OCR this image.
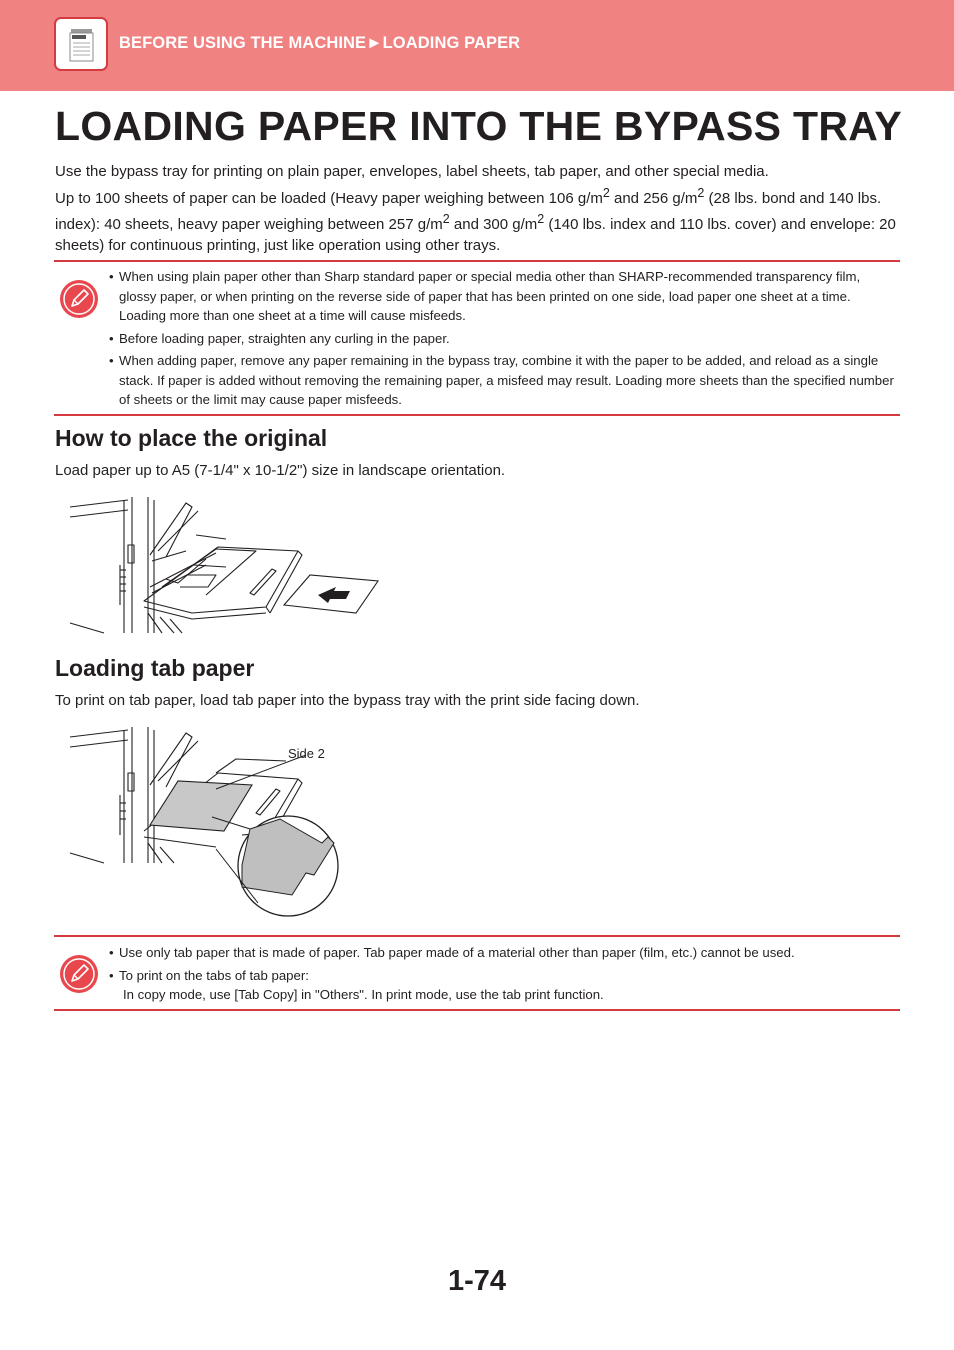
BEFORE USING THE MACHINE►LOADING PAPER
LOADING PAPER INTO THE BYPASS TRAY

Use the bypass tray for printing on plain paper, envelopes, label sheets, tab paper, and other special media.

Up to 100 sheets of paper can be loaded (Heavy paper weighing between 106 $g/m^2$ and 256 $g/m^2$ (28 lbs. bond and 140 lbs. index): 40 sheets, heavy paper weighing between 257 $g/m^2$ and 300 $g/m^2$ (140 lbs. index and 110 lbs. cover) and envelope: 20 sheets) for continuous printing, just like operation using other trays.

• When using plain paper other than Sharp standard paper or special media other than SHARP-recommended transparency film, glossy paper, or when printing on the reverse side of paper that has been printed on one side, load paper one sheet at a time. Loading more than one sheet at a time will cause misfeeds.
• Before loading paper, straighten any curling in the paper.
• When adding paper, remove any paper remaining in the bypass tray, combine it with the paper to be added, and reload as a single stack. If paper is added without removing the remaining paper, a misfeed may result. Loading more sheets than the specified number of sheets or the limit may cause paper misfeeds.
How to place the original

Load paper up to A5 (7-1/4" x 10-1/2") size in landscape orientation.

Loading tab paper

To print on tab paper, load tab paper into the bypass tray with the print side facing down.

Side 2
• Use only tab paper that is made of paper. Tab paper made of a material other than paper (film, etc.) cannot be used.
• To print on the tabs of tab paper:
In copy mode, use [Tab Copy] in "Others". In print mode, use the tab print function.
1-74
